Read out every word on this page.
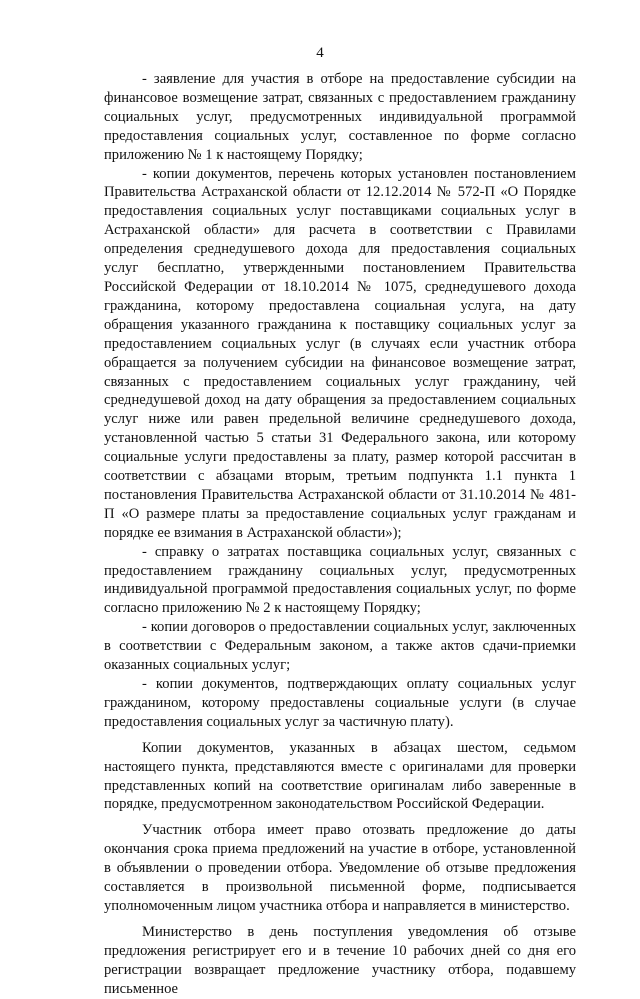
4

- заявление для участия в отборе на предоставление субсидии на финансовое возмещение затрат, связанных с предоставлением гражданину социальных услуг, предусмотренных индивидуальной программой предоставления социальных услуг, составленное по форме согласно приложению № 1 к настоящему Порядку;

- копии документов, перечень которых установлен постановлением Правительства Астраханской области от 12.12.2014 № 572-П «О Порядке предоставления социальных услуг поставщиками социальных услуг в Астраханской области» для расчета в соответствии с Правилами определения среднедушевого дохода для предоставления социальных услуг бесплатно, утвержденными постановлением Правительства Российской Федерации от 18.10.2014 № 1075, среднедушевого дохода гражданина, которому предоставлена социальная услуга, на дату обращения указанного гражданина к поставщику социальных услуг за предоставлением социальных услуг (в случаях если участник отбора обращается за получением субсидии на финансовое возмещение затрат, связанных с предоставлением социальных услуг гражданину, чей среднедушевой доход на дату обращения за предоставлением социальных услуг ниже или равен предельной величине среднедушевого дохода, установленной частью 5 статьи 31 Федерального закона, или которому социальные услуги предоставлены за плату, размер которой рассчитан в соответствии с абзацами вторым, третьим подпункта 1.1 пункта 1 постановления Правительства Астраханской области от 31.10.2014 № 481-П «О размере платы за предоставление социальных услуг гражданам и порядке ее взимания в Астраханской области»);

- справку о затратах поставщика социальных услуг, связанных с предоставлением гражданину социальных услуг, предусмотренных индивидуальной программой предоставления социальных услуг, по форме согласно приложению № 2 к настоящему Порядку;

- копии договоров о предоставлении социальных услуг, заключенных в соответствии с Федеральным законом, а также актов сдачи-приемки оказанных социальных услуг;

- копии документов, подтверждающих оплату социальных услуг гражданином, которому предоставлены социальные услуги (в случае предоставления социальных услуг за частичную плату).

Копии документов, указанных в абзацах шестом, седьмом настоящего пункта, представляются вместе с оригиналами для проверки представленных копий на соответствие оригиналам либо заверенные в порядке, предусмотренном законодательством Российской Федерации.

Участник отбора имеет право отозвать предложение до даты окончания срока приема предложений на участие в отборе, установленной в объявлении о проведении отбора. Уведомление об отзыве предложения составляется в произвольной письменной форме, подписывается уполномоченным лицом участника отбора и направляется в министерство.

Министерство в день поступления уведомления об отзыве предложения регистрирует его и в течение 10 рабочих дней со дня его регистрации возвращает предложение участнику отбора, подавшему письменное
